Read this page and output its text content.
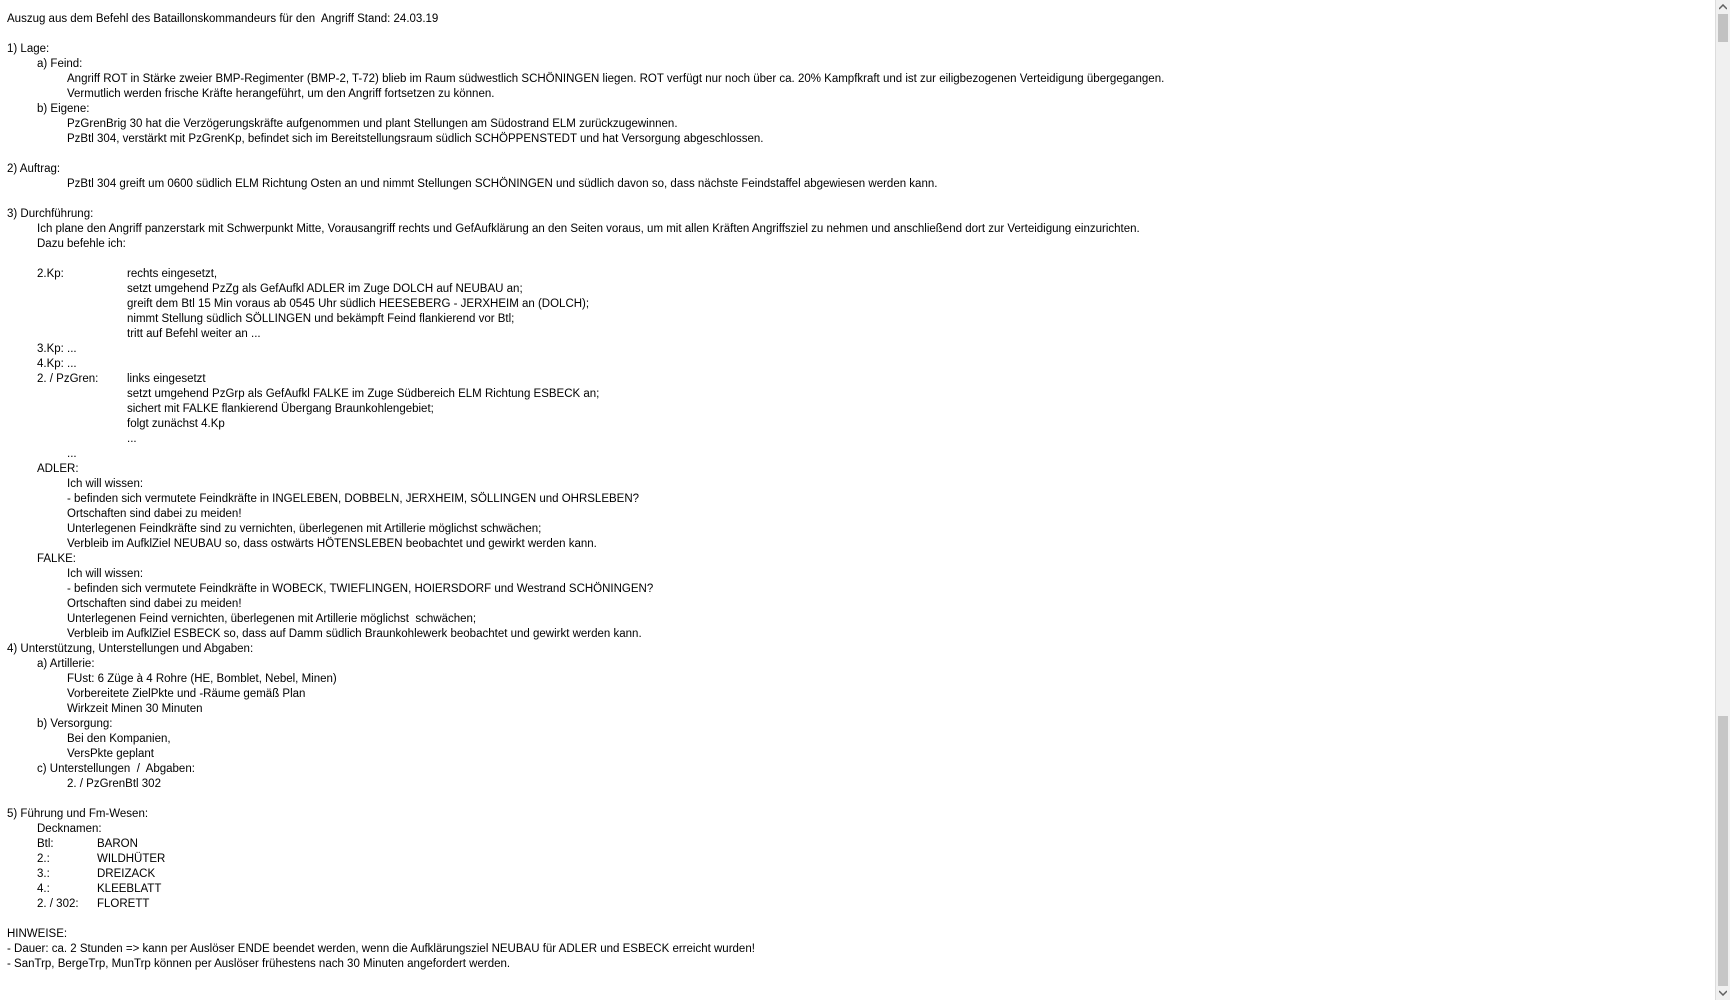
Auszug aus dem Befehl des Bataillonskommandeurs für den  Angriff Stand: 24.03.19
1) Lage:
a) Feind:
Angriff ROT in Stärke zweier BMP-Regimenter (BMP-2, T-72) blieb im Raum südwestlich SCHÖNINGEN liegen. ROT verfügt nur noch über ca. 20% Kampfkraft und ist zur eiligbezogenen Verteidigung übergegangen.
Vermutlich werden frische Kräfte herangeführt, um den Angriff fortsetzen zu können.
b) Eigene:
PzGrenBrig 30 hat die Verzögerungskräfte aufgenommen und plant Stellungen am Südostrand ELM zurückzugewinnen.
PzBtl 304, verstärkt mit PzGrenKp, befindet sich im Bereitstellungsraum südlich SCHÖPPENSTEDT und hat Versorgung abgeschlossen.
2) Auftrag:
PzBtl 304 greift um 0600 südlich ELM Richtung Osten an und nimmt Stellungen SCHÖNINGEN und südlich davon so, dass nächste Feindstaffel abgewiesen werden kann.
3) Durchführung:
Ich plane den Angriff panzerstark mit Schwerpunkt Mitte, Vorausangriff rechts und GefAufklärung an den Seiten voraus, um mit allen Kräften Angriffsziel zu nehmen und anschließend dort zur Verteidigung einzurichten.
Dazu befehle ich:
2.Kp:	rechts eingesetzt,
setzt umgehend PzZg als GefAufkl ADLER im Zuge DOLCH auf NEUBAU an;
greift dem Btl 15 Min voraus ab 0545 Uhr südlich HEESEBERG - JERXHEIM an (DOLCH);
nimmt Stellung südlich SÖLLINGEN und bekämpft Feind flankierend vor Btl;
tritt auf Befehl weiter an ...
3.Kp: ...
4.Kp: ...
2. / PzGren:	links eingesetzt
setzt umgehend PzGrp als GefAufkl FALKE im Zuge Südbereich ELM Richtung ESBECK an;
sichert mit FALKE flankierend Übergang Braunkohlengebiet;
folgt zunächst 4.Kp
...
...
ADLER:
Ich will wissen:
- befinden sich vermutete Feindkräfte in INGELEBEN, DOBBELN, JERXHEIM, SÖLLINGEN und OHRSLEBEN?
Ortschaften sind dabei zu meiden!
Unterlegenen Feindkräfte sind zu vernichten, überlegenen mit Artillerie möglichst schwächen;
Verbleib im AufklZiel NEUBAU so, dass ostwärts HÖTENSLEBEN beobachtet und gewirkt werden kann.
FALKE:
Ich will wissen:
- befinden sich vermutete Feindkräfte in WOBECK, TWIEFLINGEN, HOIERSDORF und Westrand SCHÖNINGEN?
Ortschaften sind dabei zu meiden!
Unterlegenen Feind vernichten, überlegenen mit Artillerie möglichst  schwächen;
Verbleib im AufklZiel ESBECK so, dass auf Damm südlich Braunkohlewerk beobachtet und gewirkt werden kann.
4) Unterstützung, Unterstellungen und Abgaben:
a) Artillerie:
FUst: 6 Züge à 4 Rohre (HE, Bomblet, Nebel, Minen)
Vorbereitete ZielPkte und -Räume gemäß Plan
Wirkzeit Minen 30 Minuten
b) Versorgung:
Bei den Kompanien,
VersPkte geplant
c) Unterstellungen  /  Abgaben:
2. / PzGrenBtl 302
5) Führung und Fm-Wesen:
Decknamen:
Btl:	BARON
2.:	WILDHÜTER
3.:	DREIZACK
4.:	KLEEBLATT
2. / 302:	FLORETT
HINWEISE:
- Dauer: ca. 2 Stunden => kann per Auslöser ENDE beendet werden, wenn die Aufklärungsziel NEUBAU für ADLER und ESBECK erreicht wurden!
- SanTrp, BergeTrp, MunTrp können per Auslöser frühestens nach 30 Minuten angefordert werden.
